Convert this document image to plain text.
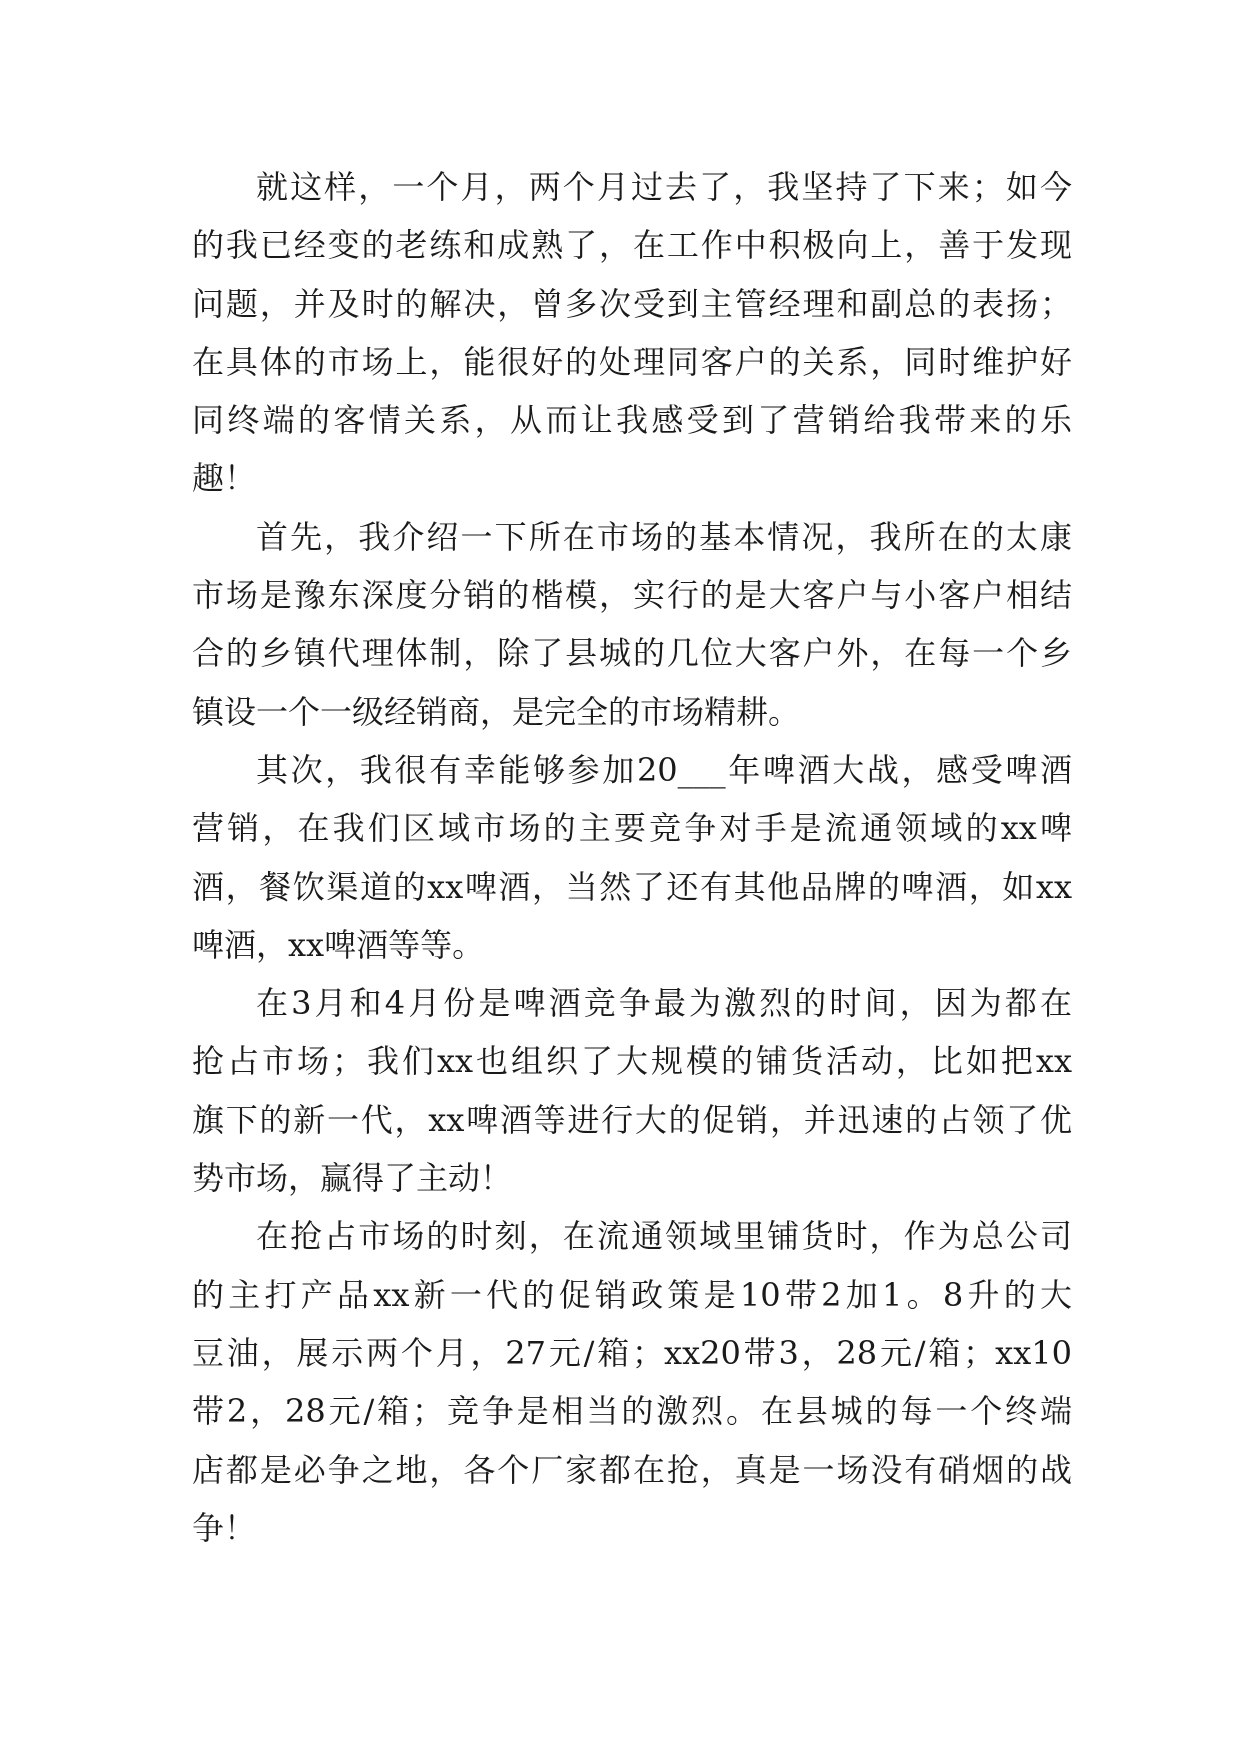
就这样，一个月，两个月过去了，我坚持了下来；如今
的我已经变的老练和成熟了，在工作中积极向上，善于发现
问题，并及时的解决，曾多次受到主管经理和副总的表扬；
在具体的市场上，能很好的处理同客户的关系，同时维护好
同终端的客情关系，从而让我感受到了营销给我带来的乐
趣！

首先，我介绍一下所在市场的基本情况，我所在的太康
市场是豫东深度分销的楷模，实行的是大客户与小客户相结
合的乡镇代理体制，除了县城的几位大客户外，在每一个乡
镇设一个一级经销商，是完全的市场精耕。

其次，我很有幸能够参加20___年啤酒大战，感受啤酒
营销，在我们区域市场的主要竞争对手是流通领域的xx啤
酒，餐饮渠道的xx啤酒，当然了还有其他品牌的啤酒，如xx
啤酒，xx啤酒等等。

在3月和4月份是啤酒竞争最为激烈的时间，因为都在
抢占市场；我们xx也组织了大规模的铺货活动，比如把xx
旗下的新一代，xx啤酒等进行大的促销，并迅速的占领了优
势市场，赢得了主动！

在抢占市场的时刻，在流通领域里铺货时，作为总公司
的主打产品xx新一代的促销政策是10带2加1。8升的大
豆油，展示两个月，27元/箱；xx20带3，28元/箱；xx10
带2，28元/箱；竞争是相当的激烈。在县城的每一个终端
店都是必争之地，各个厂家都在抢，真是一场没有硝烟的战
争！
